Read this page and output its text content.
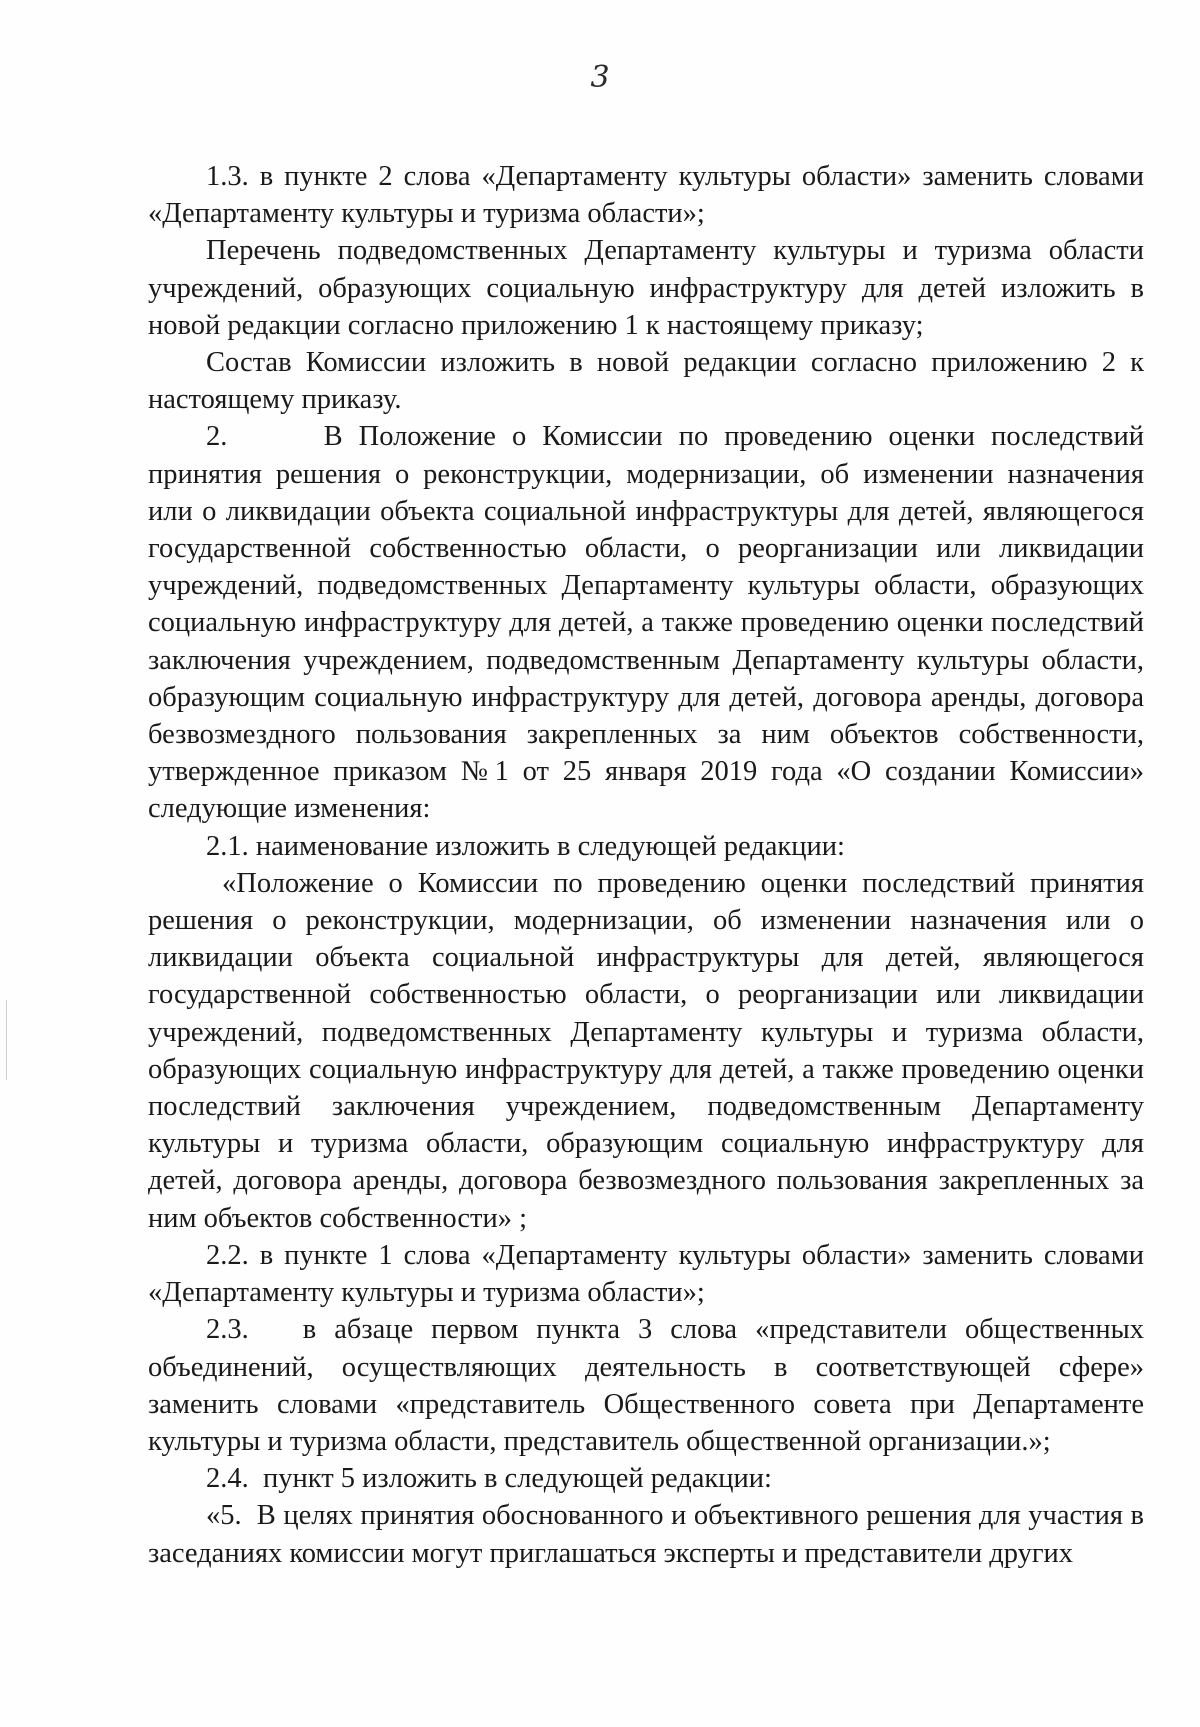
3

1.3. в пункте 2 слова «Департаменту культуры области» заменить словами «Департаменту культуры и туризма области»;

Перечень подведомственных Департаменту культуры и туризма области учреждений, образующих социальную инфраструктуру для детей изложить в новой редакции согласно приложению 1 к настоящему приказу;

Состав Комиссии изложить в новой редакции согласно приложению 2 к настоящему приказу.

2.      В Положение о Комиссии по проведению оценки последствий принятия решения о реконструкции, модернизации, об изменении назначения или о ликвидации объекта социальной инфраструктуры для детей, являющегося государственной собственностью области, о реорганизации или ликвидации учреждений, подведомственных Департаменту культуры области, образующих социальную инфраструктуру для детей, а также проведению оценки последствий заключения учреждением, подведомственным Департаменту культуры области, образующим социальную инфраструктуру для детей, договора аренды, договора безвозмездного пользования закрепленных за ним объектов собственности, утвержденное приказом №1 от 25 января 2019 года «О создании Комиссии» следующие изменения:

2.1. наименование изложить в следующей редакции:

«Положение о Комиссии по проведению оценки последствий принятия решения о реконструкции, модернизации, об изменении назначения или о ликвидации объекта социальной инфраструктуры для детей, являющегося государственной собственностью области, о реорганизации или ликвидации учреждений, подведомственных Департаменту культуры и туризма области, образующих социальную инфраструктуру для детей, а также проведению оценки последствий заключения учреждением, подведомственным Департаменту культуры и туризма области, образующим социальную инфраструктуру для детей, договора аренды, договора безвозмездного пользования закрепленных за ним объектов собственности» ;

2.2. в пункте 1 слова «Департаменту культуры области» заменить словами «Департаменту культуры и туризма области»;

2.3.   в абзаце первом пункта 3 слова «представители общественных объединений, осуществляющих деятельность в соответствующей сфере» заменить словами «представитель Общественного совета при Департаменте культуры и туризма области, представитель общественной организации.»;

2.4.  пункт 5 изложить в следующей редакции:

«5.  В целях принятия обоснованного и объективного решения для участия в заседаниях комиссии могут приглашаться эксперты и представители других
